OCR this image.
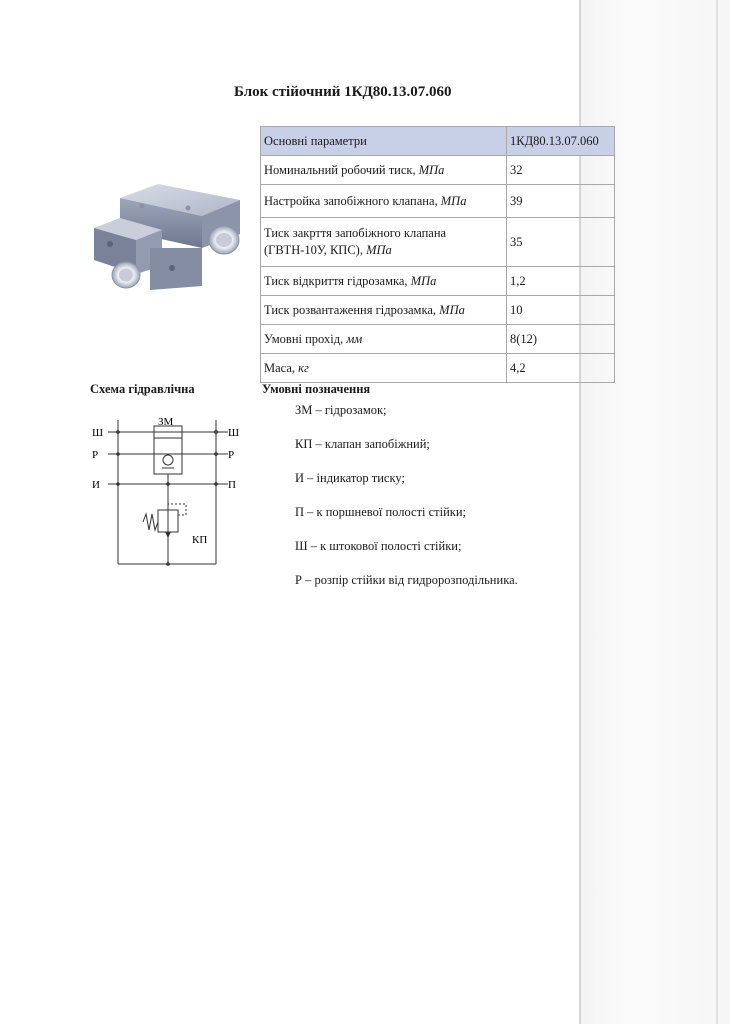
Блок стійочний 1КД80.13.07.060
Основні параметри	1КД80.13.07.060
Номинальний робочий тиск, МПа	32
Настройка запобіжного клапана, МПа	39
Тиск закрття запобіжного клапана (ГВТН-10У, КПС), МПа	35
Тиск відкриття гідрозамка, МПа	1,2
Тиск розвантаження гідрозамка, МПа	10
Умовні прохід, мм	8(12)
Маса, кг	4,2
Схема гідравлічна	Умовні позначення
ЗМ – гідрозамок;
КП – клапан запобіжний;
И – індикатор тиску;
П – к поршневої полості стійки;
Ш – к штокової полості стійки;
Р – розпір стійки від гидророзподільника.
ЗМ
КП
Ш	Ш
Р	Р
И	П
